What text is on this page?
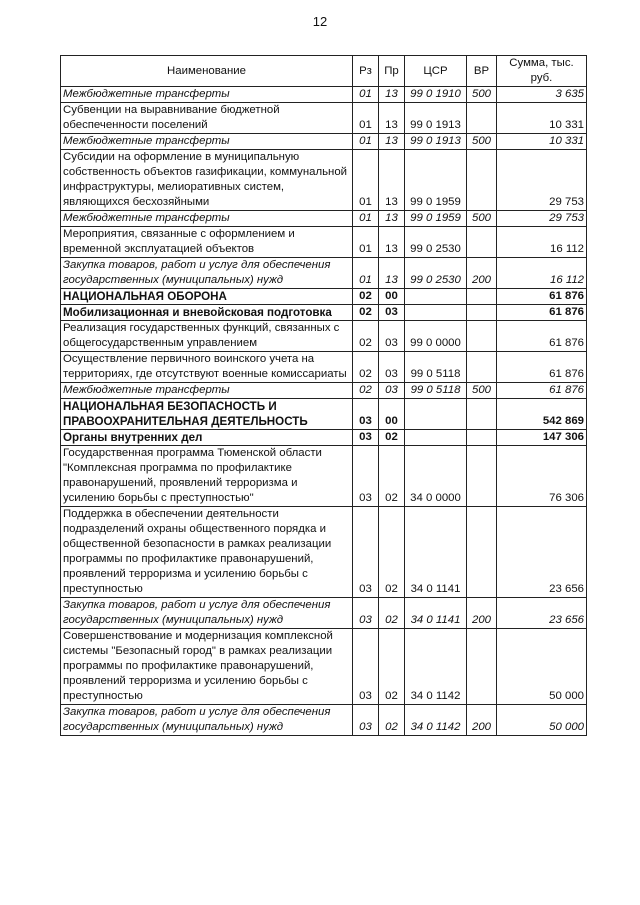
12
Наименование	Рз	Пр	ЦСР	ВР	Сумма, тыс. руб.
Межбюджетные трансферты	01	13	99 0 1910	500	3 635
Субвенции на выравнивание бюджетной обеспеченности поселений	01	13	99 0 1913		10 331
Межбюджетные трансферты	01	13	99 0 1913	500	10 331
Субсидии на оформление в муниципальную собственность объектов газификации, коммунальной инфраструктуры, мелиоративных систем, являющихся бесхозяйными	01	13	99 0 1959		29 753
Межбюджетные трансферты	01	13	99 0 1959	500	29 753
Мероприятия, связанные с оформлением и временной эксплуатацией объектов	01	13	99 0 2530		16 112
Закупка товаров, работ и услуг для обеспечения государственных (муниципальных) нужд	01	13	99 0 2530	200	16 112
НАЦИОНАЛЬНАЯ ОБОРОНА	02	00			61 876
Мобилизационная и вневойсковая подготовка	02	03			61 876
Реализация государственных функций, связанных с общегосударственным управлением	02	03	99 0 0000		61 876
Осуществление первичного воинского учета на территориях, где отсутствуют военные комиссариаты	02	03	99 0 5118		61 876
Межбюджетные трансферты	02	03	99 0 5118	500	61 876
НАЦИОНАЛЬНАЯ БЕЗОПАСНОСТЬ И ПРАВООХРАНИТЕЛЬНАЯ ДЕЯТЕЛЬНОСТЬ	03	00			542 869
Органы внутренних дел	03	02			147 306
Государственная программа Тюменской области "Комплексная программа по профилактике правонарушений, проявлений терроризма и усилению борьбы с преступностью"	03	02	34 0 0000		76 306
Поддержка в обеспечении деятельности подразделений охраны общественного порядка и общественной безопасности в рамках реализации программы по профилактике правонарушений, проявлений терроризма и усилению борьбы с преступностью	03	02	34 0 1141		23 656
Закупка товаров, работ и услуг для обеспечения государственных (муниципальных) нужд	03	02	34 0 1141	200	23 656
Совершенствование и модернизация комплексной системы "Безопасный город" в рамках реализации программы по профилактике правонарушений, проявлений терроризма и усилению борьбы с преступностью	03	02	34 0 1142		50 000
Закупка товаров, работ и услуг для обеспечения государственных (муниципальных) нужд	03	02	34 0 1142	200	50 000
